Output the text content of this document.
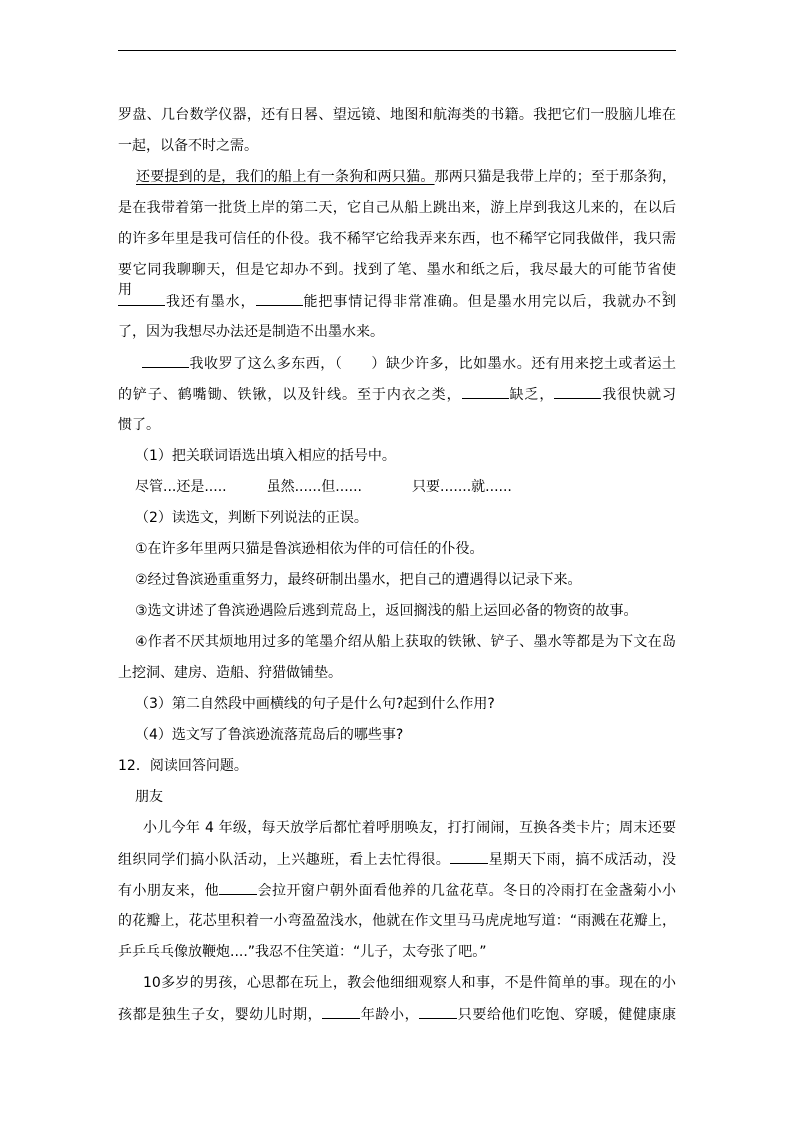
罗盘、几台数学仪器，还有日晷、望远镜、地图和航海类的书籍。我把它们一股脑儿堆在
一起，以备不时之需。
还要提到的是，我们的船上有一条狗和两只猫。那两只猫是我带上岸的；至于那条狗，
是在我带着第一批货上岸的第二天，它自己从船上跳出来，游上岸到我这儿来的，在以后
的许多年里是我可信任的仆役。我不稀罕它给我弄来东西，也不稀罕它同我做伴，我只需
要它同我聊聊天，但是它却办不到。找到了笔、墨水和纸之后，我尽最大的可能节省使用。
我还有墨水，	能把事情记得非常准确。但是墨水用完以后，我就办不到
了，因为我想尽办法还是制造不出墨水来。
我收罗了这么多东西，（　　）缺少许多，比如墨水。还有用来挖土或者运土
的铲子、鹤嘴锄、铁锹，以及针线。至于内衣之类，	缺乏，	我很快就习
惯了。
（1）把关联词语选出填入相应的括号中。
尽管...还是.....	虽然......但......	只要.......就......
（2）读选文，判断下列说法的正误。
①在许多年里两只猫是鲁滨逊相依为伴的可信任的仆役。
②经过鲁滨逊重重努力，最终研制出墨水，把自己的遭遇得以记录下来。
③选文讲述了鲁滨逊遇险后逃到荒岛上，返回搁浅的船上运回必备的物资的故事。
④作者不厌其烦地用过多的笔墨介绍从船上获取的铁锹、铲子、墨水等都是为下文在岛
上挖洞、建房、造船、狩猎做铺垫。
（3）第二自然段中画横线的句子是什么句?起到什么作用?
（4）选文写了鲁滨逊流落荒岛后的哪些事?
12．阅读回答问题。
朋友
小儿今年 4 年级，每天放学后都忙着呼朋唤友，打打闹闹，互换各类卡片；周末还要
组织同学们搞小队活动，上兴趣班，看上去忙得很。	星期天下雨，搞不成活动，没
有小朋友来，他	会拉开窗户朝外面看他养的几盆花草。冬日的冷雨打在金盏菊小小
的花瓣上，花芯里积着一小弯盈盈浅水，他就在作文里马马虎虎地写道：“雨溅在花瓣上，
乒乒乓乓像放鞭炮....”我忍不住笑道：“儿子，太夸张了吧。”
10多岁的男孩，心思都在玩上，教会他细细观察人和事，不是件简单的事。现在的小
孩都是独生子女，婴幼儿时期，	年龄小，	只要给他们吃饱、穿暖，健健康康
